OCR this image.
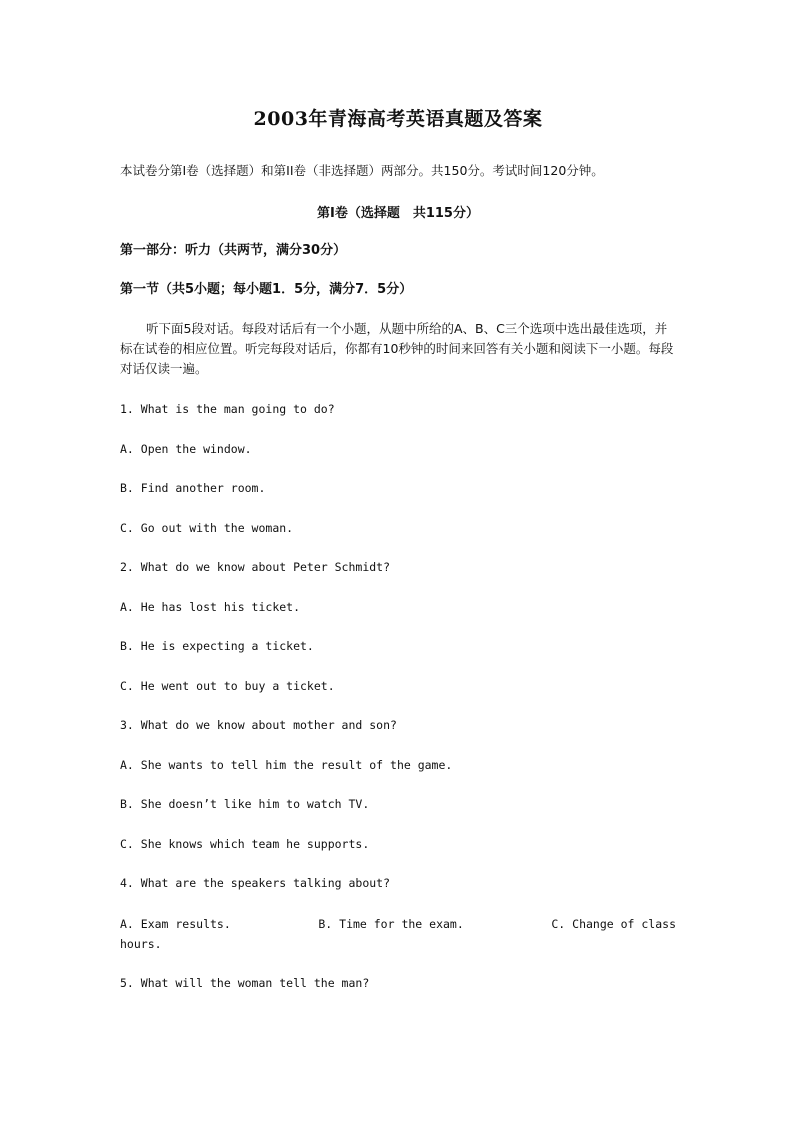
2003年青海高考英语真题及答案

本试卷分第I卷（选择题）和第II卷（非选择题）两部分。共150分。考试时间120分钟。

第I卷（选择题　共115分）

第一部分：听力（共两节，满分30分）

第一节（共5小题；每小题1．5分，满分7．5分）

听下面5段对话。每段对话后有一个小题，从题中所给的A、B、C三个选项中选出最佳选项，并标在试卷的相应位置。听完每段对话后，你都有10秒钟的时间来回答有关小题和阅读下一小题。每段对话仅读一遍。

1. What is the man going to do?

A. Open the window.

B. Find another room.

C. Go out with the woman.

2. What do we know about Peter Schmidt?

A. He has lost his ticket.

B. He is expecting a ticket.

C. He went out to buy a ticket.

3. What do we know about mother and son?

A. She wants to tell him the result of the game.

B. She doesn’t like him to watch TV.

C. She knows which team he supports.

4. What are the speakers talking about?

A. Exam results.	B. Time for the exam.	C. Change of class
hours.

5. What will the woman tell the man?
